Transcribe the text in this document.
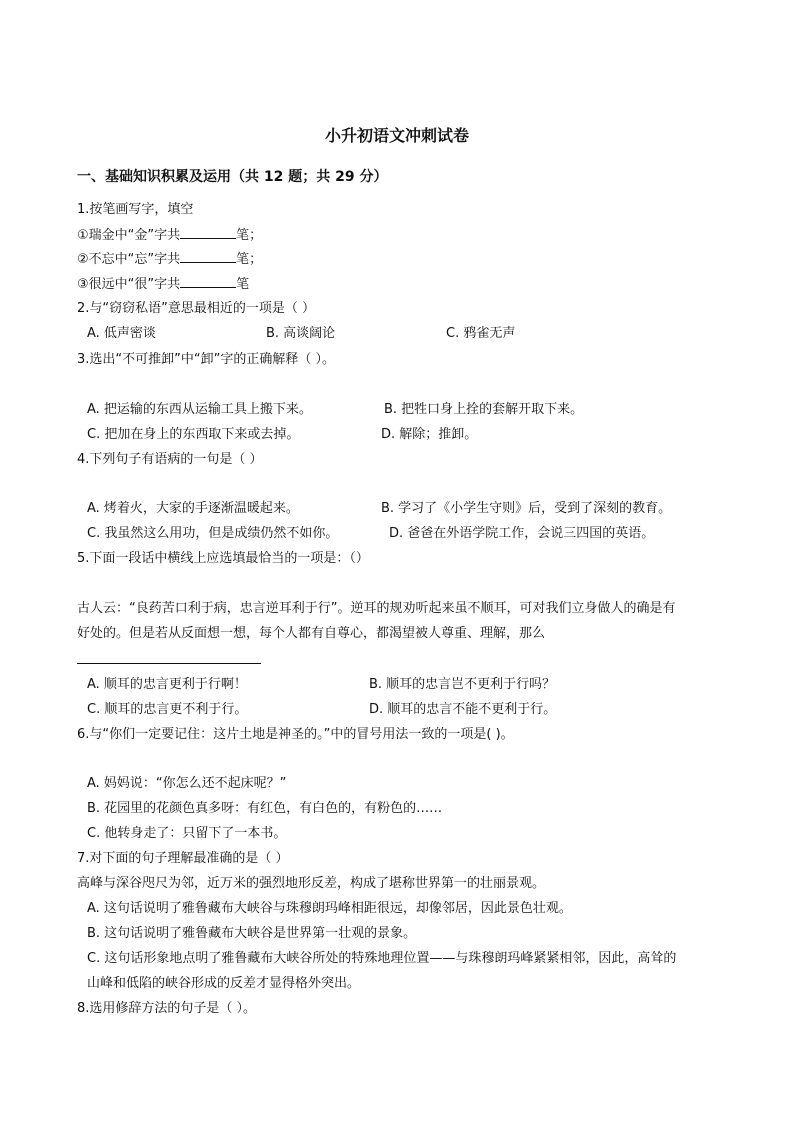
小升初语文冲刺试卷
一、基础知识积累及运用（共 12 题；共 29 分）
1.按笔画写字，填空
①瑞金中“金”字共	笔；
②不忘中“忘”字共	笔；
③很远中“很”字共	笔
2.与“窃窃私语”意思最相近的一项是（ ）
A. 低声密谈	B. 高谈阔论	C. 鸦雀无声
3.选出“不可推卸”中“卸”字的正确解释（ ）。
A. 把运输的东西从运输工具上搬下来。	B. 把牲口身上拴的套解开取下来。
C. 把加在身上的东西取下来或去掉。	D. 解除；推卸。
4.下列句子有语病的一句是（ ）
A. 烤着火，大家的手逐渐温暖起来。	B. 学习了《小学生守则》后，受到了深刻的教育。
C. 我虽然这么用功，但是成绩仍然不如你。	D. 爸爸在外语学院工作，会说三四国的英语。
5.下面一段话中横线上应选填最恰当的一项是：（）
古人云：“良药苦口利于病，忠言逆耳利于行”。逆耳的规劝听起来虽不顺耳，可对我们立身做人的确是有
好处的。但是若从反面想一想，每个人都有自尊心，都渴望被人尊重、理解，那么
A. 顺耳的忠言更利于行啊！	B. 顺耳的忠言岂不更利于行吗？
C. 顺耳的忠言更不利于行。	D. 顺耳的忠言不能不更利于行。
6.与“你们一定要记住：这片土地是神圣的。”中的冒号用法一致的一项是( )。
A. 妈妈说：“你怎么还不起床呢？”
B. 花园里的花颜色真多呀：有红色，有白色的，有粉色的……
C. 他转身走了：只留下了一本书。
7.对下面的句子理解最准确的是（ ）
高峰与深谷咫尺为邻，近万米的强烈地形反差，构成了堪称世界第一的壮丽景观。
A. 这句话说明了雅鲁藏布大峡谷与珠穆朗玛峰相距很远，却像邻居，因此景色壮观。
B. 这句话说明了雅鲁藏布大峡谷是世界第一壮观的景象。
C. 这句话形象地点明了雅鲁藏布大峡谷所处的特殊地理位置——与珠穆朗玛峰紧紧相邻，因此，高耸的
山峰和低陷的峡谷形成的反差才显得格外突出。
8.选用修辞方法的句子是（ ）。
